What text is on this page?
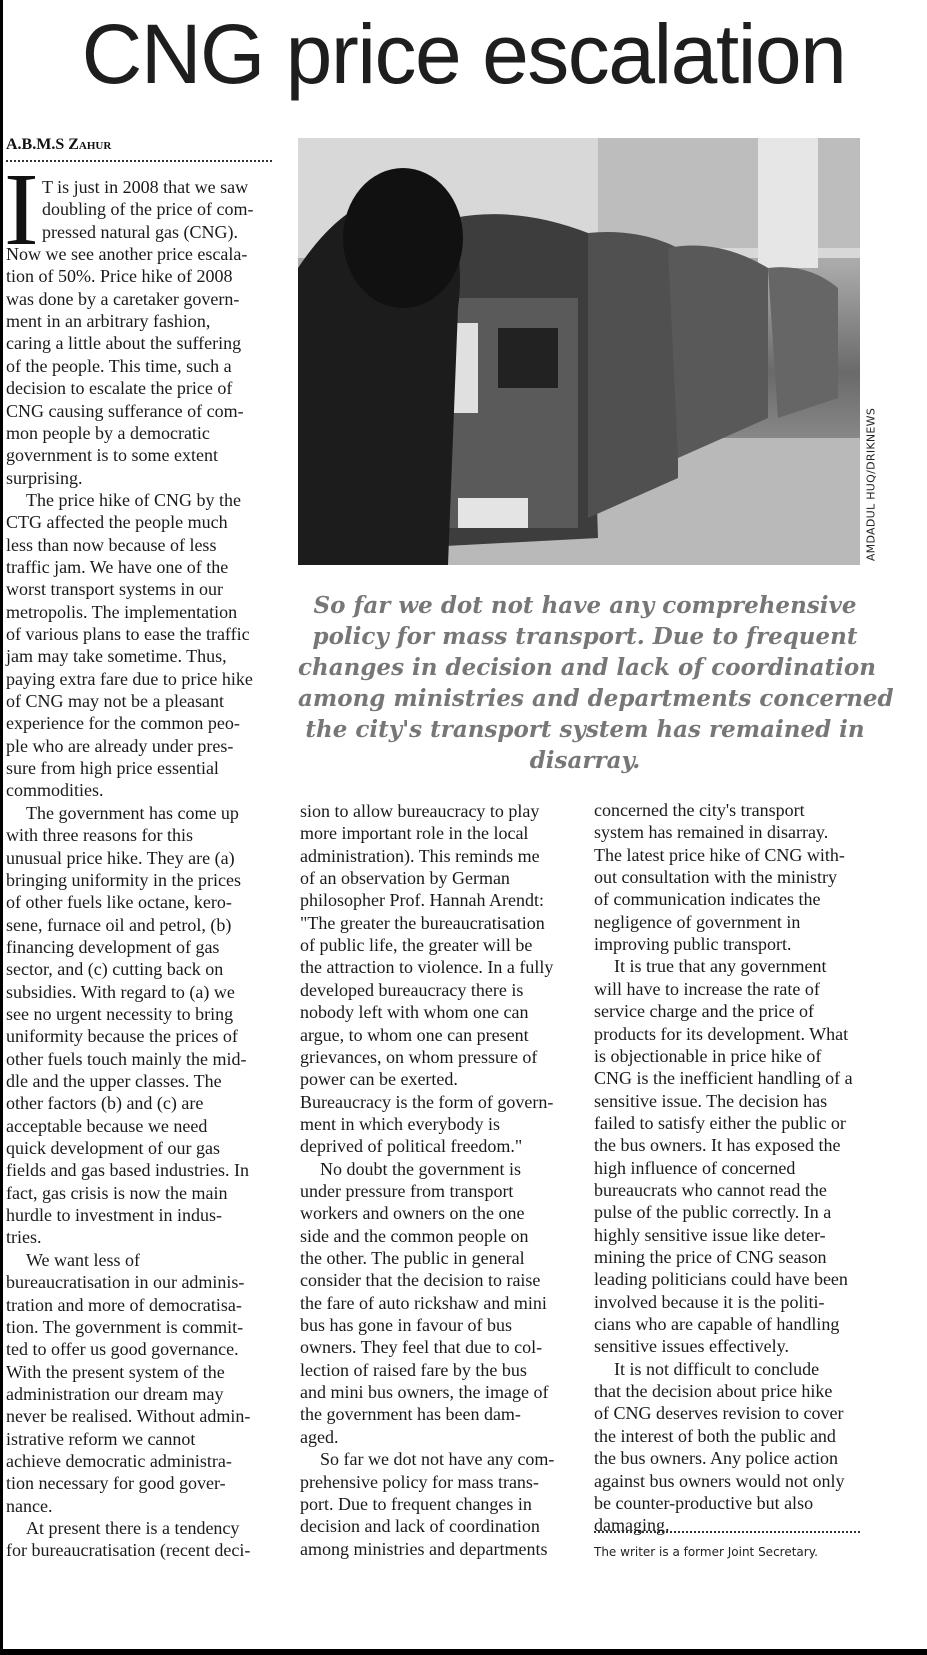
CNG price escalation
A.B.M.S Zahur
I T is just in 2008 that we saw
doubling of the price of com-
pressed natural gas (CNG).
Now we see another price escala-
tion of 50%. Price hike of 2008
was done by a caretaker govern-
ment in an arbitrary fashion,
caring a little about the suffering
of the people. This time, such a
decision to escalate the price of
CNG causing sufferance of com-
mon people by a democratic
government is to some extent
surprising.
The price hike of CNG by the
CTG affected the people much
less than now because of less
traffic jam. We have one of the
worst transport systems in our
metropolis. The implementation
of various plans to ease the traffic
jam may take sometime. Thus,
paying extra fare due to price hike
of CNG may not be a pleasant
experience for the common peo-
ple who are already under pres-
sure from high price essential
commodities.
The government has come up
with three reasons for this
unusual price hike. They are (a)
bringing uniformity in the prices
of other fuels like octane, kero-
sene, furnace oil and petrol, (b)
financing development of gas
sector, and (c) cutting back on
subsidies. With regard to (a) we
see no urgent necessity to bring
uniformity because the prices of
other fuels touch mainly the mid-
dle and the upper classes. The
other factors (b) and (c) are
acceptable because we need
quick development of our gas
fields and gas based industries. In
fact, gas crisis is now the main
hurdle to investment in indus-
tries.
We want less of
bureaucratisation in our adminis-
tration and more of democratisa-
tion. The government is commit-
ted to offer us good governance.
With the present system of the
administration our dream may
never be realised. Without admin-
istrative reform we cannot
achieve democratic administra-
tion necessary for good gover-
nance.
At present there is a tendency
for bureaucratisation (recent deci-
sion to allow bureaucracy to play
more important role in the local
administration). This reminds me
of an observation by German
philosopher Prof. Hannah Arendt:
"The greater the bureaucratisation
of public life, the greater will be
the attraction to violence. In a fully
developed bureaucracy there is
nobody left with whom one can
argue, to whom one can present
grievances, on whom pressure of
power can be exerted.
Bureaucracy is the form of govern-
ment in which everybody is
deprived of political freedom."
No doubt the government is
under pressure from transport
workers and owners on the one
side and the common people on
the other. The public in general
consider that the decision to raise
the fare of auto rickshaw and mini
bus has gone in favour of bus
owners. They feel that due to col-
lection of raised fare by the bus
and mini bus owners, the image of
the government has been dam-
aged.
So far we dot not have any com-
prehensive policy for mass trans-
port. Due to frequent changes in
decision and lack of coordination
among ministries and departments
concerned the city's transport
system has remained in disarray.
The latest price hike of CNG with-
out consultation with the ministry
of communication indicates the
negligence of government in
improving public transport.
It is true that any government
will have to increase the rate of
service charge and the price of
products for its development. What
is objectionable in price hike of
CNG is the inefficient handling of a
sensitive issue. The decision has
failed to satisfy either the public or
the bus owners. It has exposed the
high influence of concerned
bureaucrats who cannot read the
pulse of the public correctly. In a
highly sensitive issue like deter-
mining the price of CNG season
leading politicians could have been
involved because it is the politi-
cians who are capable of handling
sensitive issues effectively.
It is not difficult to conclude
that the decision about price hike
of CNG deserves revision to cover
the interest of both the public and
the bus owners. Any police action
against bus owners would not only
be counter-productive but also
damaging.
AMDADUL HUQ/DRIKNEWS
So far we dot not have any comprehensive
policy for mass transport. Due to frequent
changes in decision and lack of coordination
among ministries and departments concerned
the city's transport system has remained in
disarray.
The writer is a former Joint Secretary.
